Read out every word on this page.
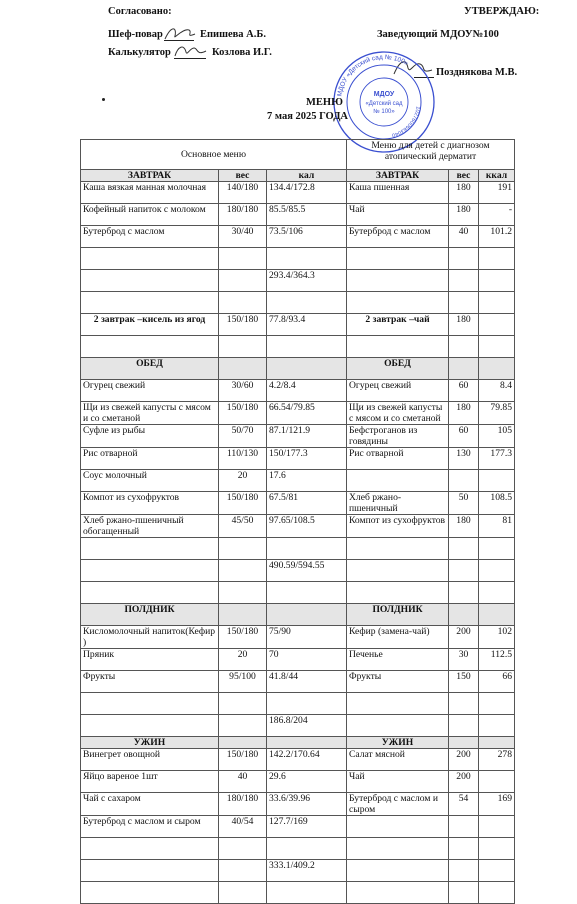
Согласовано:	УТВЕРЖДАЮ:
Шеф-повар	Епишева А.Б.	Заведующий МДОУ№100
Калькулятор	Козлова И.Г.
Позднякова М.В.
МДОУ «Детский сад № 100»
1027600683040
МДОУ
«Детский сад
№ 100»
МЕНЮ
7 мая 2025 ГОДА
Основное меню			Меню для детей с диагнозом атопический дерматит		
ЗАВТРАК	вес	кал	ЗАВТРАК	вес	ккал
Каша вязкая манная молочная	140/180	134.4/172.8	Каша пшенная	180	191
Кофейный напиток с молоком	180/180	85.5/85.5	Чай	180	-
Бутерброд с маслом	30/40	73.5/106	Бутерброд с маслом	40	101.2

		293.4/364.3			

2 завтрак –кисель из ягод	150/180	77.8/93.4	2 завтрак –чай	180	

ОБЕД			ОБЕД		
Огурец свежий	30/60	4.2/8.4	Огурец свежий	60	8.4
Щи из свежей капусты с мясом и со сметаной	150/180	66.54/79.85	Щи из свежей капусты с мясом и со сметаной	180	79.85
Суфле из рыбы	50/70	87.1/121.9	Бефстроганов из говядины	60	105
Рис отварной	110/130	150/177.3	Рис отварной	130	177.3
Соус молочный	20	17.6			
Компот из сухофруктов	150/180	67.5/81	Хлеб ржано-пшеничный	50	108.5
Хлеб ржано-пшеничный обогащенный	45/50	97.65/108.5	Компот из сухофруктов	180	81

		490.59/594.55			

ПОЛДНИК			ПОЛДНИК		
Кисломолочный напиток(Кефир )	150/180	75/90	Кефир (замена-чай)	200	102
Пряник	20	70	Печенье	30	112.5
Фрукты	95/100	41.8/44	Фрукты	150	66

		186.8/204			
УЖИН			УЖИН		
Винегрет овощной	150/180	142.2/170.64	Салат мясной	200	278
Яйцо вареное 1шт	40	29.6	Чай	200	
Чай с сахаром	180/180	33.6/39.96	Бутерброд с маслом и сыром	54	169
Бутерброд с маслом и сыром	40/54	127.7/169			

		333.1/409.2			
